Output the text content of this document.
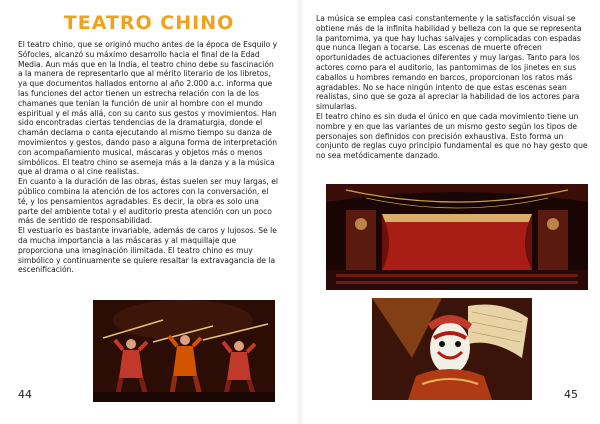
TEATRO CHINO

El teatro chino, que se originó mucho antes de la época de Esquilo y Sófocles, alcanzó su máximo desarrollo hacia el final de la Edad Media. Aun más que en la India, el teatro chino debe su fascinación a la manera de representarlo que al mérito literario de los libretos, ya que documentos hallados entorno al año 2.000 a.c. informa que las funciones del actor tienen un estrecha relación con la de los chamanes que tenían la función de unir al hombre con el mundo espiritual y el más allá, con su canto sus gestos y movimientos. Han sido encontradas ciertas tendencias de la dramaturgia, donde el chamán declama o canta ejecutando al mismo tiempo su danza de movimientos y gestos, dando paso a alguna forma de interpretación con acompañamiento musical, máscaras y objetos más o menos simbólicos. El teatro chino se asemeja más a la danza y a la música que al drama o al cine realistas.
En cuanto a la duración de las obras, éstas suelen ser muy largas, el público combina la atención de los actores con la conversación, el té, y los pensamientos agradables. Es decir, la obra es solo una parte del ambiente total y el auditorio presta atención con un poco más de sentido de responsabilidad.
El vestuario es bastante invariable, además de caros y lujosos. Se le da mucha importancia a las máscaras y al maquillaje que proporciona una imaginación ilimitada. El teatro chino es muy simbólico y continuamente se quiere resaltar la extravagancia de la escenificación.

44

La música se emplea casi constantemente y la satisfacción visual se obtiene más de la infinita habilidad y belleza con la que se representa la pantomima, ya que hay luchas salvajes y complicadas con espadas que nunca llegan a tocarse. Las escenas de muerte ofrecen oportunidades de actuaciones diferentes y muy largas. Tanto para los actores como para el auditorio, las pantomimas de los jinetes en sus caballos u hombres remando en barcos, proporcionan los ratos más agradables. No se hace ningún intento de que estas escenas sean realistas, sino que se goza al apreciar la habilidad de los actores para simularlas.
El teatro chino es sin duda el único en que cada movimiento tiene un nombre y en que las variantes de un mismo gesto según los tipos de personajes son definidos con precisión exhaustiva. Esto forma un conjunto de reglas cuyo principio fundamental es que no hay gesto que no sea metódicamente danzado.

45
